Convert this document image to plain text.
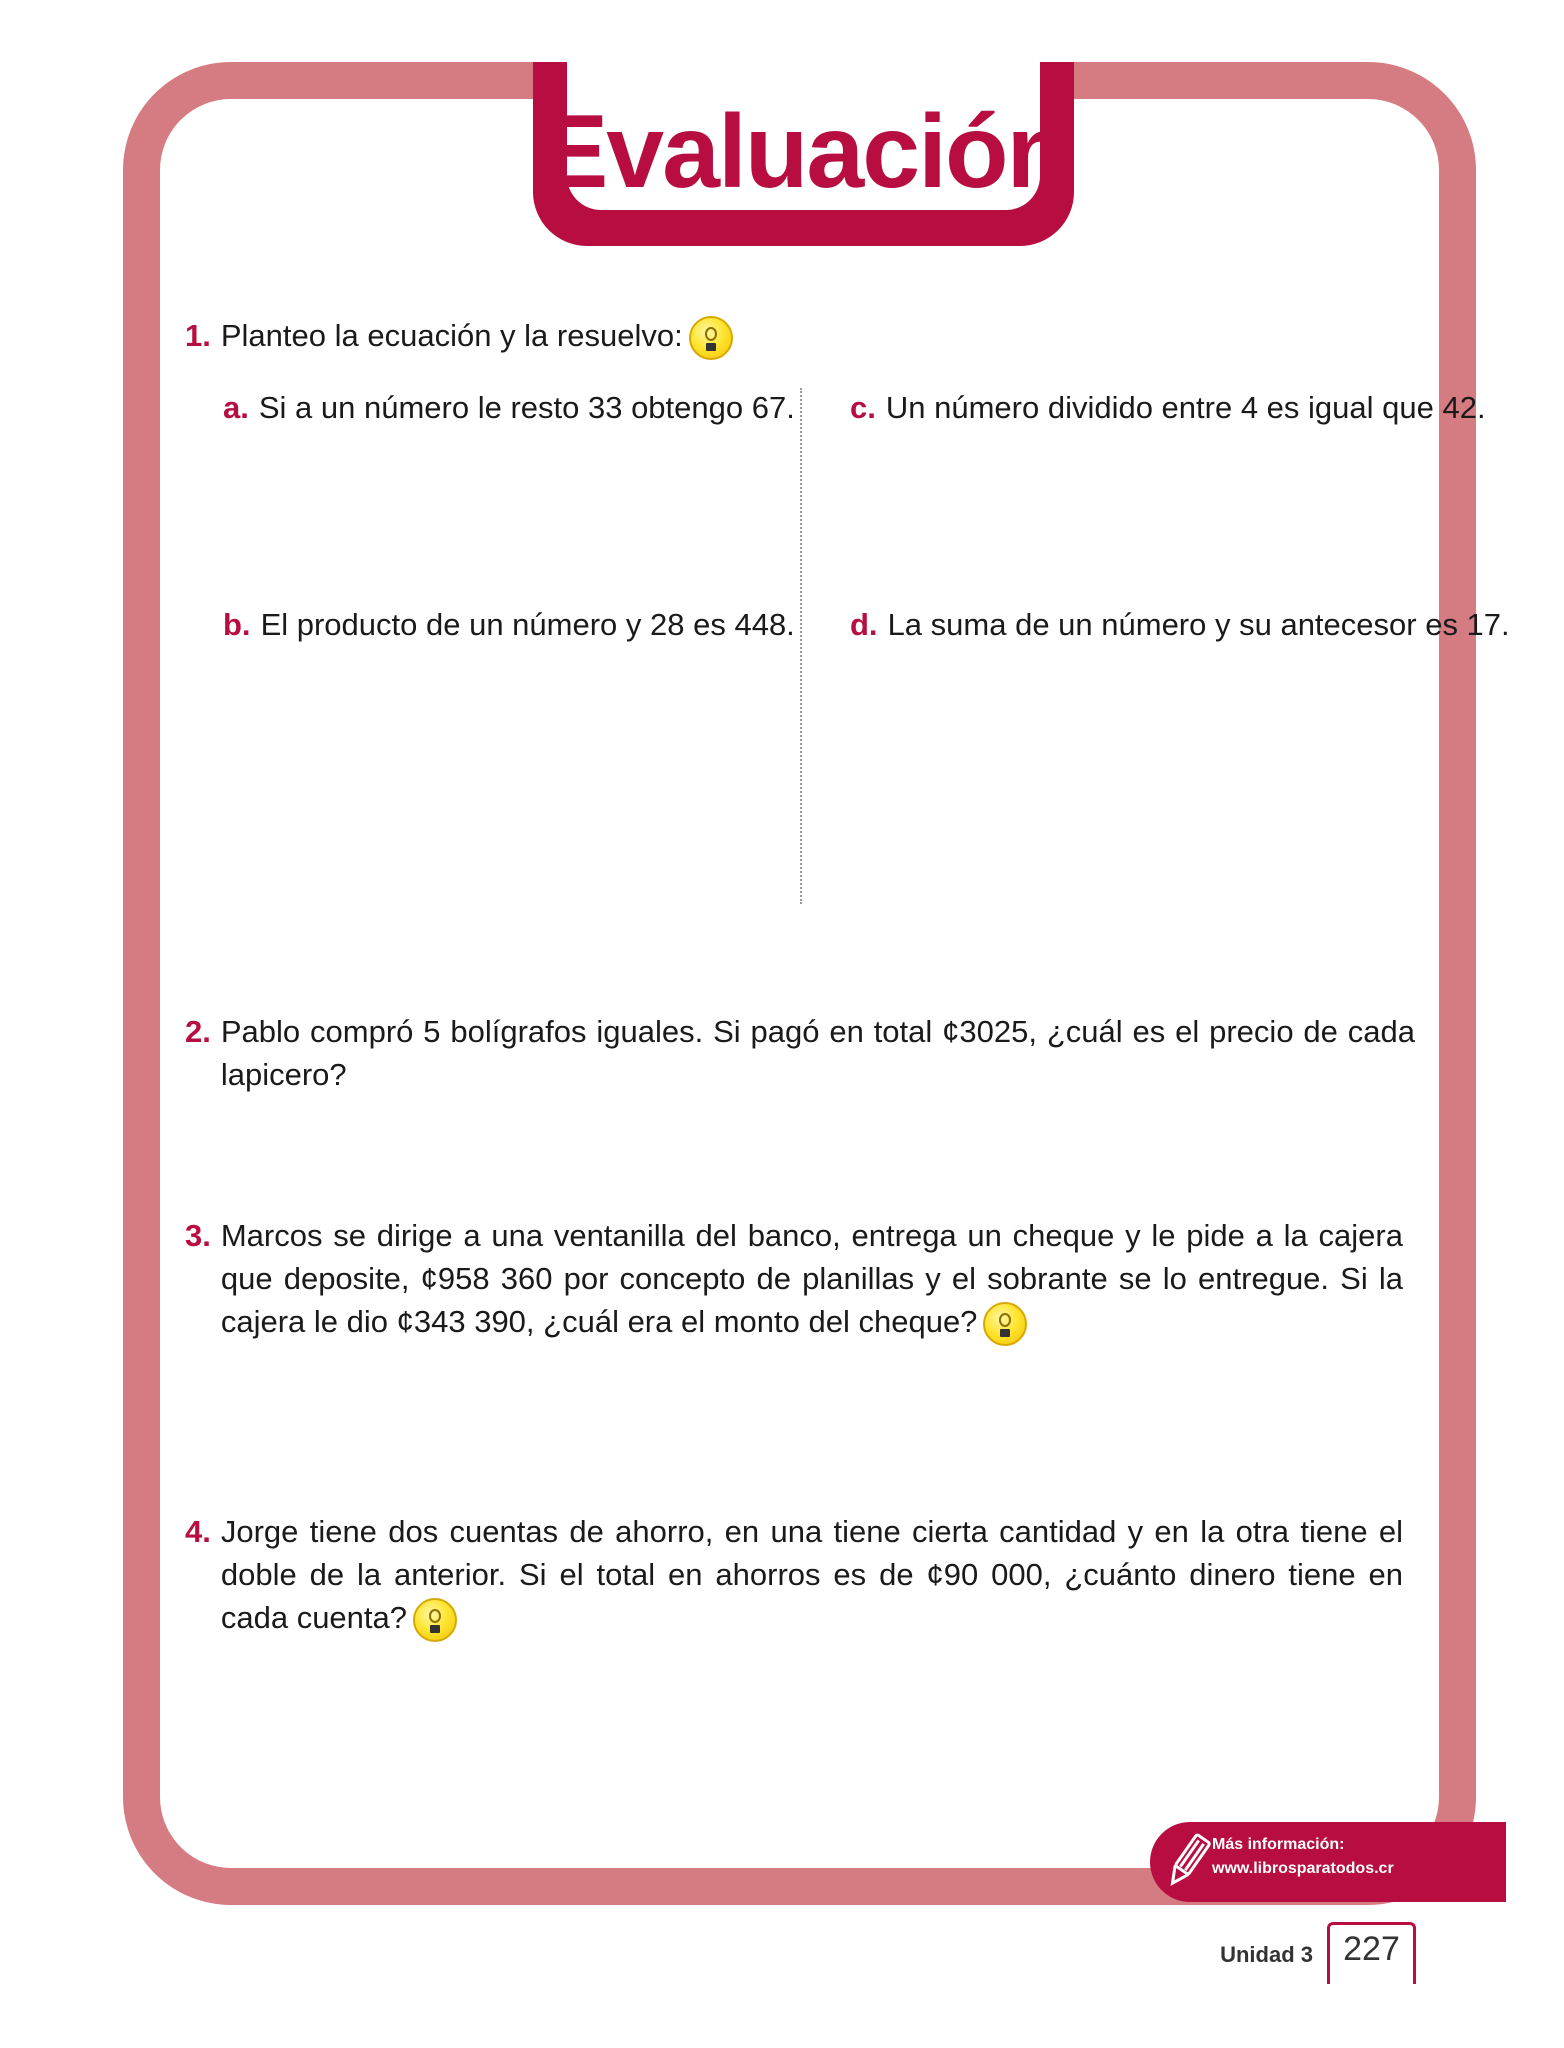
Evaluación
1. Planteo la ecuación y la resuelvo:
a. Si a un número le resto 33 obtengo 67.
b. El producto de un número y 28 es 448.
c. Un número dividido entre 4 es igual que 42.
d. La suma de un número y su antecesor es 17.
2. Pablo compró 5 bolígrafos iguales. Si pagó en total ¢3025, ¿cuál es el precio de cada lapicero?
3. Marcos se dirige a una ventanilla del banco, entrega un cheque y le pide a la cajera que deposite, ¢958 360 por concepto de planillas y el sobrante se lo entregue. Si la cajera le dio ¢343 390, ¿cuál era el monto del cheque?
4. Jorge tiene dos cuentas de ahorro, en una tiene cierta cantidad y en la otra tiene el doble de la anterior. Si el total en ahorros es de ¢90 000, ¿cuánto dinero tiene en cada cuenta?
Más información:
www.librosparatodos.cr
Unidad 3 227
